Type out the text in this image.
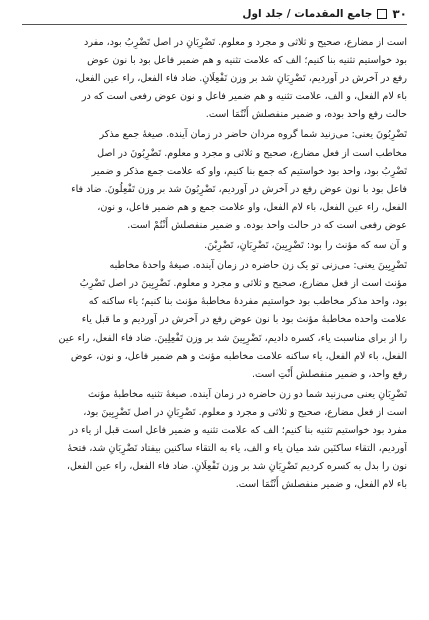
۳۰
جامع المقدمات / جلد اول

است از مضارع، صحیح و ثلاثی و مجرد و معلوم. تَضْرِبَانِ در اصل تَضْرِبُ بود، مفرد
بود خواستیم تثنیه بنا کنیم؛ الف که علامت تثنیه و هم ضمیر فاعل بود با نون عوض
رفع در آخرش در آوردیم، تَضْرِبَانِ شد بر وزن تَفْعِلَانِ. ضاد فاء الفعل، راء عین الفعل،
باء لام الفعل، و الف، علامت تثنیه و هم ضمیر فاعل و نون عوض رفعی است که در
حالت رفع واحد بوده، و ضمیر منفصلش أَنْتُمَا است.

تَضْرِبُونَ یعنی: می‌زنید شما گروه مردان حاضر در زمان آینده. صیغهٔ جمع مذکر
مخاطب است از فعل مضارع، صحیح و ثلاثی و مجرد و معلوم. تَضْرِبُونَ در اصل
تَضْرِبُ بود، واحد بود خواستیم که جمع بنا کنیم، واو که علامت جمع مذکر و ضمیر
فاعل بود با نون عوض رفع در آخرش در آوردیم، تَضْرِبُونَ شد بر وزن تَفْعِلُونَ. ضاد فاء
الفعل، راء عین الفعل، باء لام الفعل، واو علامت جمع و هم ضمیر فاعل، و نون،
عوض رفعی است که در حالت واحد بوده. و ضمیر منفصلش أَنْتُمْ است.

و آن سه که مؤنث را بود: تَضْرِبِينَ، تَضْرِبَانِ، تَضْرِبْنَ.

تَضْرِبِينَ یعنی: می‌زنی تو یک زن حاضره در زمان آینده. صیغهٔ واحدهٔ مخاطبه
مؤنث است از فعل مضارع، صحیح و ثلاثی و مجرد و معلوم. تَضْرِبِينَ در اصل تَضْرِبُ
بود، واحد مذکر مخاطب بود خواستیم مفردهٔ مخاطبهٔ مؤنث بنا کنیم؛ یاء ساکنه که
علامت واحده مخاطبهٔ مؤنث بود با نون عوض رفع در آخرش در آوردیم و ما قبل یاء
را از برای مناسبت یاء، کسره دادیم، تَضْرِبِينَ شد بر وزن تَفْعِلِينَ. ضاد فاء الفعل، راء عین
الفعل، باء لام الفعل، یاء ساکنه علامت مخاطبه مؤنث و هم ضمیر فاعل، و نون، عوض
رفع واحد، و ضمیر منفصلش أَنْتِ است.

تَضْرِبَانِ یعنی می‌زنید شما دو زن حاضره در زمان آینده. صیغهٔ تثنیه مخاطبهٔ مؤنث
است از فعل مضارع، صحیح و ثلاثی و مجرد و معلوم. تَضْرِبَانِ در اصل تَضْرِبِينَ بود،
مفرد بود خواستیم تثنیه بنا کنیم؛ الف که علامت تثنیه و ضمیر فاعل است قبل از یاء در
آوردیم، التقاء ساکنَین شد میان یاء و الف، یاء به التقاء ساکنین بیفتاد تَضْرِبَانِ شد، فتحهٔ
نون را بدل به کسره کردیم تَضْرِبَانِ شد بر وزن تَفْعِلَانِ. ضاد فاء الفعل، راء عین الفعل،
باء لام الفعل، و ضمیر منفصلش أَنْتُمَا است.
